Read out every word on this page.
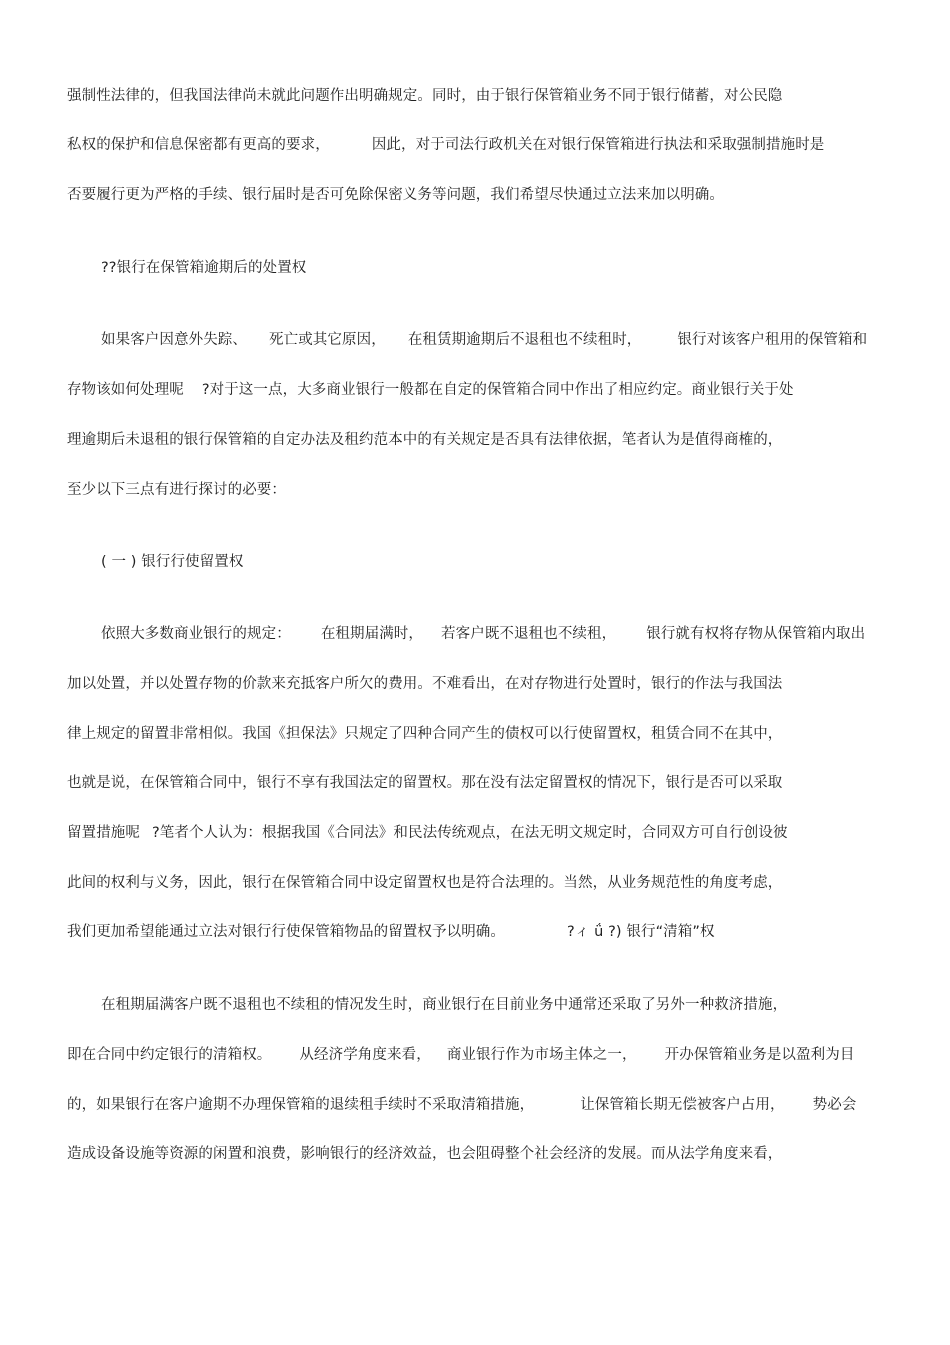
强制性法律的，但我国法律尚未就此问题作出明确规定。同时，由于银行保管箱业务不同于银行储蓄，对公民隐
私权的保护和信息保密都有更高的要求，	因此，对于司法行政机关在对银行保管箱进行执法和采取强制措施时是
否要履行更为严格的手续、银行届时是否可免除保密义务等问题，我们希望尽快通过立法来加以明确。
??银行在保管箱逾期后的处置权
如果客户因意外失踪、 死亡或其它原因， 在租赁期逾期后不退租也不续租时， 银行对该客户租用的保管箱和
存物该如何处理呢 ?对于这一点，大多商业银行一般都在自定的保管箱合同中作出了相应约定。商业银行关于处
理逾期后未退租的银行保管箱的自定办法及租约范本中的有关规定是否具有法律依据，笔者认为是值得商榷的，
至少以下三点有进行探讨的必要：
( 一 ) 银行行使留置权
依照大多数商业银行的规定： 在租期届满时， 若客户既不退租也不续租， 银行就有权将存物从保管箱内取出
加以处置，并以处置存物的价款来充抵客户所欠的费用。不难看出，在对存物进行处置时，银行的作法与我国法
律上规定的留置非常相似。我国《担保法》只规定了四种合同产生的债权可以行使留置权，租赁合同不在其中，
也就是说，在保管箱合同中，银行不享有我国法定的留置权。那在没有法定留置权的情况下，银行是否可以采取
留置措施呢 ?笔者个人认为：根据我国《合同法》和民法传统观点，在法无明文规定时，合同双方可自行创设彼
此间的权利与义务，因此，银行在保管箱合同中设定留置权也是符合法理的。当然，从业务规范性的角度考虑，
我们更加希望能通过立法对银行行使保管箱物品的留置权予以明确。	?ィ ǘ ?) 银行“清箱”权
在租期届满客户既不退租也不续租的情况发生时，商业银行在目前业务中通常还采取了另外一种救济措施，
即在合同中约定银行的清箱权。 从经济学角度来看， 商业银行作为市场主体之一， 开办保管箱业务是以盈利为目
的，如果银行在客户逾期不办理保管箱的退续租手续时不采取清箱措施，	让保管箱长期无偿被客户占用， 势必会
造成设备设施等资源的闲置和浪费，影响银行的经济效益，也会阻碍整个社会经济的发展。而从法学角度来看，
